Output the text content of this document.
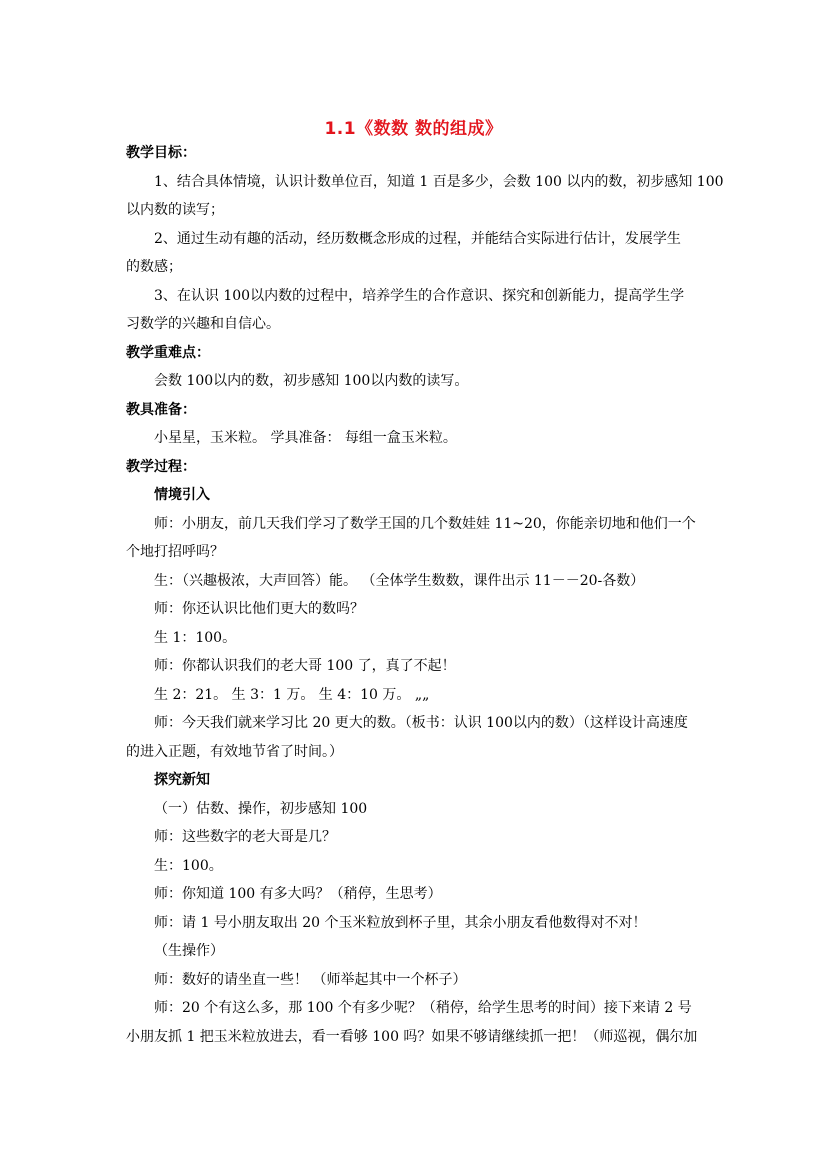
1.1《数数 数的组成》
教学目标：
1、结合具体情境，认识计数单位百，知道 1 百是多少，会数 100 以内的数，初步感知 100
以内数的读写；
2、通过生动有趣的活动，经历数概念形成的过程，并能结合实际进行估计，发展学生
的数感；
3、在认识 100以内数的过程中，培养学生的合作意识、探究和创新能力，提高学生学
习数学的兴趣和自信心。
教学重难点：
会数 100以内的数，初步感知 100以内数的读写。
教具准备：
小星星，玉米粒。 学具准备： 每组一盒玉米粒。
教学过程：
情境引入
师：小朋友，前几天我们学习了数学王国的几个数娃娃 11~20，你能亲切地和他们一个
个地打招呼吗？
生：（兴趣极浓，大声回答）能。 （全体学生数数，课件出示 11－－20-各数）
师：你还认识比他们更大的数吗？
生 1：100。
师：你都认识我们的老大哥 100 了，真了不起！
生 2：21。 生 3：1 万。 生 4：10 万。 „„
师：今天我们就来学习比 20 更大的数。（板书：认识 100以内的数）（这样设计高速度
的进入正题，有效地节省了时间。）
探究新知
（一）估数、操作，初步感知 100
师：这些数字的老大哥是几？
生：100。
师：你知道 100 有多大吗？（稍停，生思考）
师：请 1 号小朋友取出 20 个玉米粒放到杯子里，其余小朋友看他数得对不对！
（生操作）
师：数好的请坐直一些！ （师举起其中一个杯子）
师：20 个有这么多，那 100 个有多少呢？（稍停，给学生思考的时间）接下来请 2 号
小朋友抓 1 把玉米粒放进去，看一看够 100 吗？如果不够请继续抓一把！（师巡视，偶尔加
